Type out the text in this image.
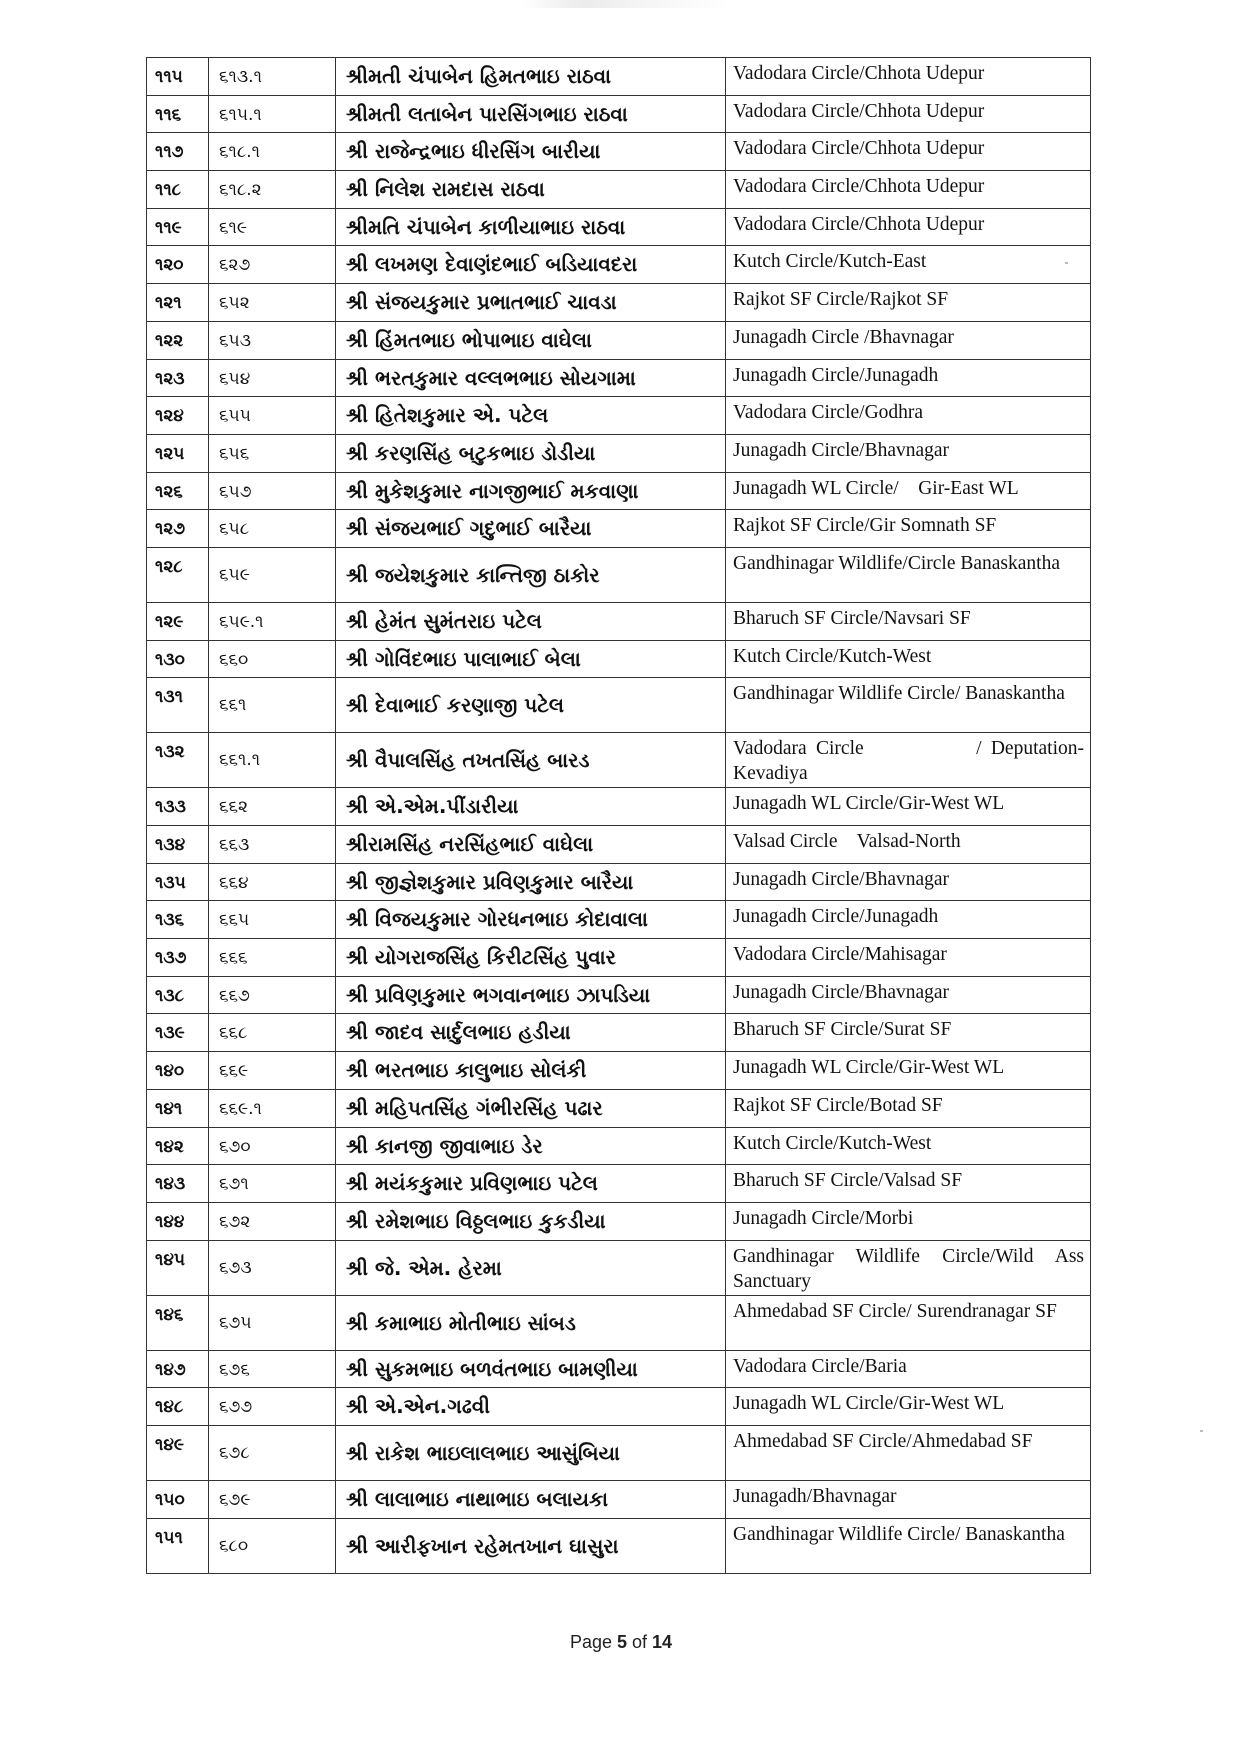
૧૧૫	૬૧૩.૧	શ્રીમતી ચંપાબેન હિમતભાઇ રાઠવા	Vadodara Circle/Chhota Udepur
૧૧૬	૬૧૫.૧	શ્રીમતી લતાબેન પારસિંગભાઇ રાઠવા	Vadodara Circle/Chhota Udepur
૧૧૭	૬૧૮.૧	શ્રી રાજેન્દ્રભાઇ ધીરસિંગ બારીયા	Vadodara Circle/Chhota Udepur
૧૧૮	૬૧૮.૨	શ્રી નિલેશ રામદાસ રાઠવા	Vadodara Circle/Chhota Udepur
૧૧૯	૬૧૯	શ્રીમતિ ચંપાબેન કાળીયાભાઇ રાઠવા	Vadodara Circle/Chhota Udepur
૧૨૦	૬૨૭	શ્રી લખમણ દેવાણંદભાઈ બડિયાવદરા	Kutch Circle/Kutch-East
૧૨૧	૬૫૨	શ્રી સંજયકુમાર પ્રભાતભાઈ ચાવડા	Rajkot SF Circle/Rajkot SF
૧૨૨	૬૫૩	શ્રી હિંમતભાઇ ભોપાભાઇ વાઘેલા	Junagadh Circle /Bhavnagar
૧૨૩	૬૫૪	શ્રી ભરતકુમાર વલ્લભભાઇ સોયગામા	Junagadh Circle/Junagadh
૧૨૪	૬૫૫	શ્રી હિતેશકુમાર એ. પટેલ	Vadodara Circle/Godhra
૧૨૫	૬૫૬	શ્રી કરણસિંહ બટુકભાઇ ડોડીયા	Junagadh Circle/Bhavnagar
૧૨૬	૬૫૭	શ્રી મુકેશકુમાર નાગજીભાઈ મકવાણા	Junagadh WL Circle/    Gir-East WL
૧૨૭	૬૫૮	શ્રી સંજયભાઈ ગદુભાઈ બારૈયા	Rajkot SF Circle/Gir Somnath SF
૧૨૮	૬૫૯	શ્રી જયેશકુમાર કાન્તિજી ઠાકોર	Gandhinagar Wildlife/Circle Banaskantha
૧૨૯	૬૫૯.૧	શ્રી હેમંત સુમંતરાઇ પટેલ	Bharuch SF Circle/Navsari SF
૧૩૦	૬૬૦	શ્રી ગોવિંદભાઇ પાલાભાઈ બેલા	Kutch Circle/Kutch-West
૧૩૧	૬૬૧	શ્રી દેવાભાઈ કરણાજી પટેલ	Gandhinagar Wildlife Circle/ Banaskantha
૧૩૨	૬૬૧.૧	શ્રી વૈપાલસિંહ તખતસિંહ બારડ	Vadodara Circle            / Deputation-Kevadiya
૧૩૩	૬૬૨	શ્રી એ.એમ.પીંડારીયા	Junagadh WL Circle/Gir-West WL
૧૩૪	૬૬૩	શ્રીરામસિંહ નરસિંહભાઈ વાઘેલા	Valsad Circle    Valsad-North
૧૩૫	૬૬૪	શ્રી જીજ્ઞેશકુમાર પ્રવિણકુમાર બારૈયા	Junagadh Circle/Bhavnagar
૧૩૬	૬૬૫	શ્રી વિજયકુમાર ગોરધનભાઇ કોદાવાલા	Junagadh Circle/Junagadh
૧૩૭	૬૬૬	શ્રી યોગરાજસિંહ કિરીટસિંહ પુવાર	Vadodara Circle/Mahisagar
૧૩૮	૬૬૭	શ્રી પ્રવિણકુમાર ભગવાનભાઇ ઝાપડિયા	Junagadh Circle/Bhavnagar
૧૩૯	૬૬૮	શ્રી જાદવ સાર્દુલભાઇ હડીયા	Bharuch SF Circle/Surat SF
૧૪૦	૬૬૯	શ્રી ભરતભાઇ કાલુભાઇ સોલંકી	Junagadh WL Circle/Gir-West WL
૧૪૧	૬૬૯.૧	શ્રી મહિપતસિંહ ગંભીરસિંહ પઢાર	Rajkot SF Circle/Botad SF
૧૪૨	૬૭૦	શ્રી કાનજી જીવાભાઇ ડેર	Kutch Circle/Kutch-West
૧૪૩	૬૭૧	શ્રી મયંકકુમાર પ્રવિણભાઇ પટેલ	Bharuch SF Circle/Valsad SF
૧૪૪	૬૭૨	શ્રી રમેશભાઇ વિઠ્ઠલભાઇ કુકડીયા	Junagadh Circle/Morbi
૧૪૫	૬૭૩	શ્રી જે. એમ. હેરમા	Gandhinagar Wildlife Circle/Wild Ass Sanctuary
૧૪૬	૬૭૫	શ્રી કમાભાઇ મોતીભાઇ સાંબડ	Ahmedabad SF Circle/ Surendranagar SF
૧૪૭	૬૭૬	શ્રી સુકમભાઇ બળવંતભાઇ બામણીયા	Vadodara Circle/Baria
૧૪૮	૬૭૭	શ્રી એ.એન.ગઢવી	Junagadh WL Circle/Gir-West WL
૧૪૯	૬૭૮	શ્રી રાકેશ ભાઇલાલભાઇ આસુંબિયા	Ahmedabad SF Circle/Ahmedabad SF
૧૫૦	૬૭૯	શ્રી લાલાભાઇ નાથાભાઇ બલાયકા	Junagadh/Bhavnagar
૧૫૧	૬૮૦	શ્રી આરીફખાન રહેમતખાન ઘાસુરા	Gandhinagar Wildlife Circle/ Banaskantha
Page 5 of 14
